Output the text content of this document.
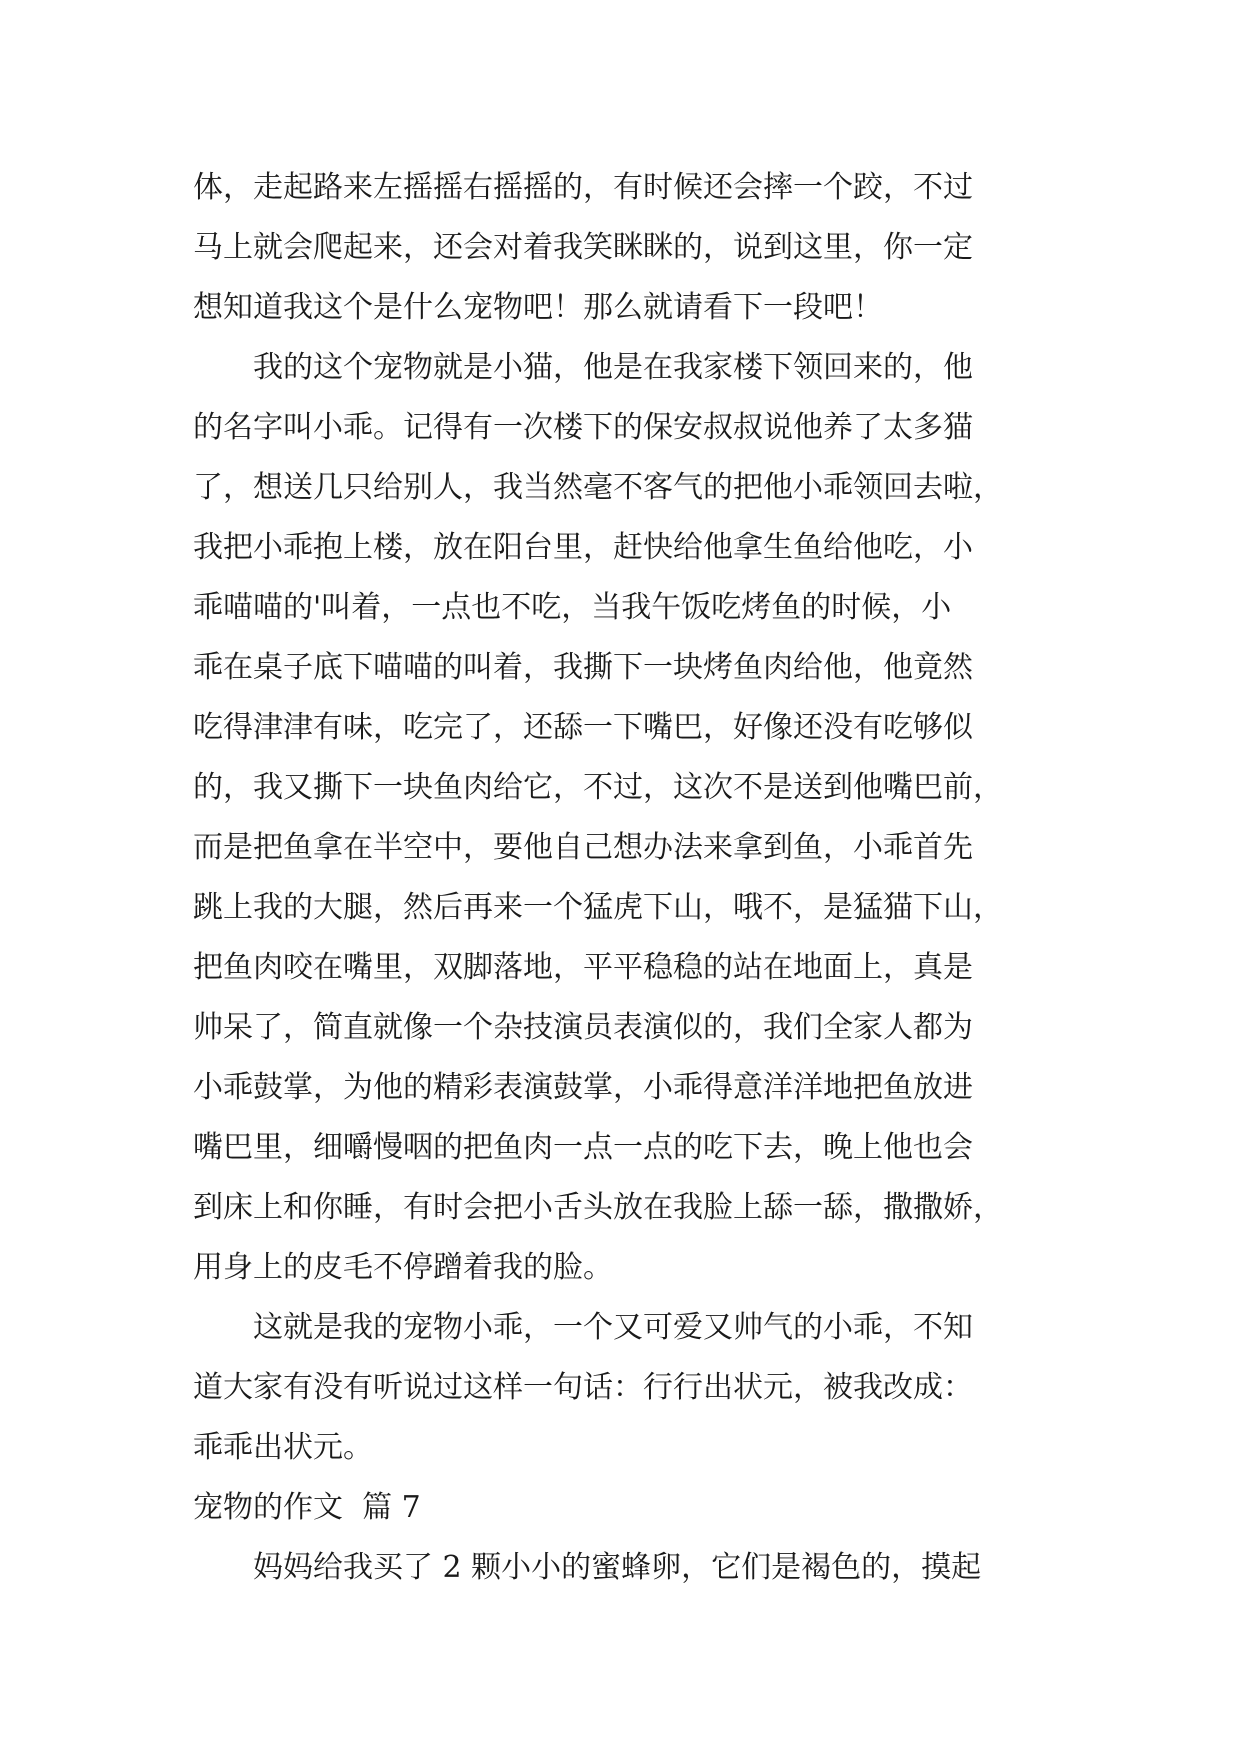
体，走起路来左摇摇右摇摇的，有时候还会摔一个跤，不过
马上就会爬起来，还会对着我笑眯眯的，说到这里，你一定
想知道我这个是什么宠物吧！那么就请看下一段吧！
我的这个宠物就是小猫，他是在我家楼下领回来的，他
的名字叫小乖。记得有一次楼下的保安叔叔说他养了太多猫
了，想送几只给别人，我当然毫不客气的把他小乖领回去啦，
我把小乖抱上楼，放在阳台里，赶快给他拿生鱼给他吃，小
乖喵喵的'叫着，一点也不吃，当我午饭吃烤鱼的时候，小
乖在桌子底下喵喵的叫着，我撕下一块烤鱼肉给他，他竟然
吃得津津有味，吃完了，还舔一下嘴巴，好像还没有吃够似
的，我又撕下一块鱼肉给它，不过，这次不是送到他嘴巴前，
而是把鱼拿在半空中，要他自己想办法来拿到鱼，小乖首先
跳上我的大腿，然后再来一个猛虎下山，哦不，是猛猫下山，
把鱼肉咬在嘴里，双脚落地，平平稳稳的站在地面上，真是
帅呆了，简直就像一个杂技演员表演似的，我们全家人都为
小乖鼓掌，为他的精彩表演鼓掌，小乖得意洋洋地把鱼放进
嘴巴里，细嚼慢咽的把鱼肉一点一点的吃下去，晚上他也会
到床上和你睡，有时会把小舌头放在我脸上舔一舔，撒撒娇，
用身上的皮毛不停蹭着我的脸。
这就是我的宠物小乖，一个又可爱又帅气的小乖，不知
道大家有没有听说过这样一句话：行行出状元，被我改成：
乖乖出状元。
宠物的作文  篇 7
妈妈给我买了 2 颗小小的蜜蜂卵，它们是褐色的，摸起
